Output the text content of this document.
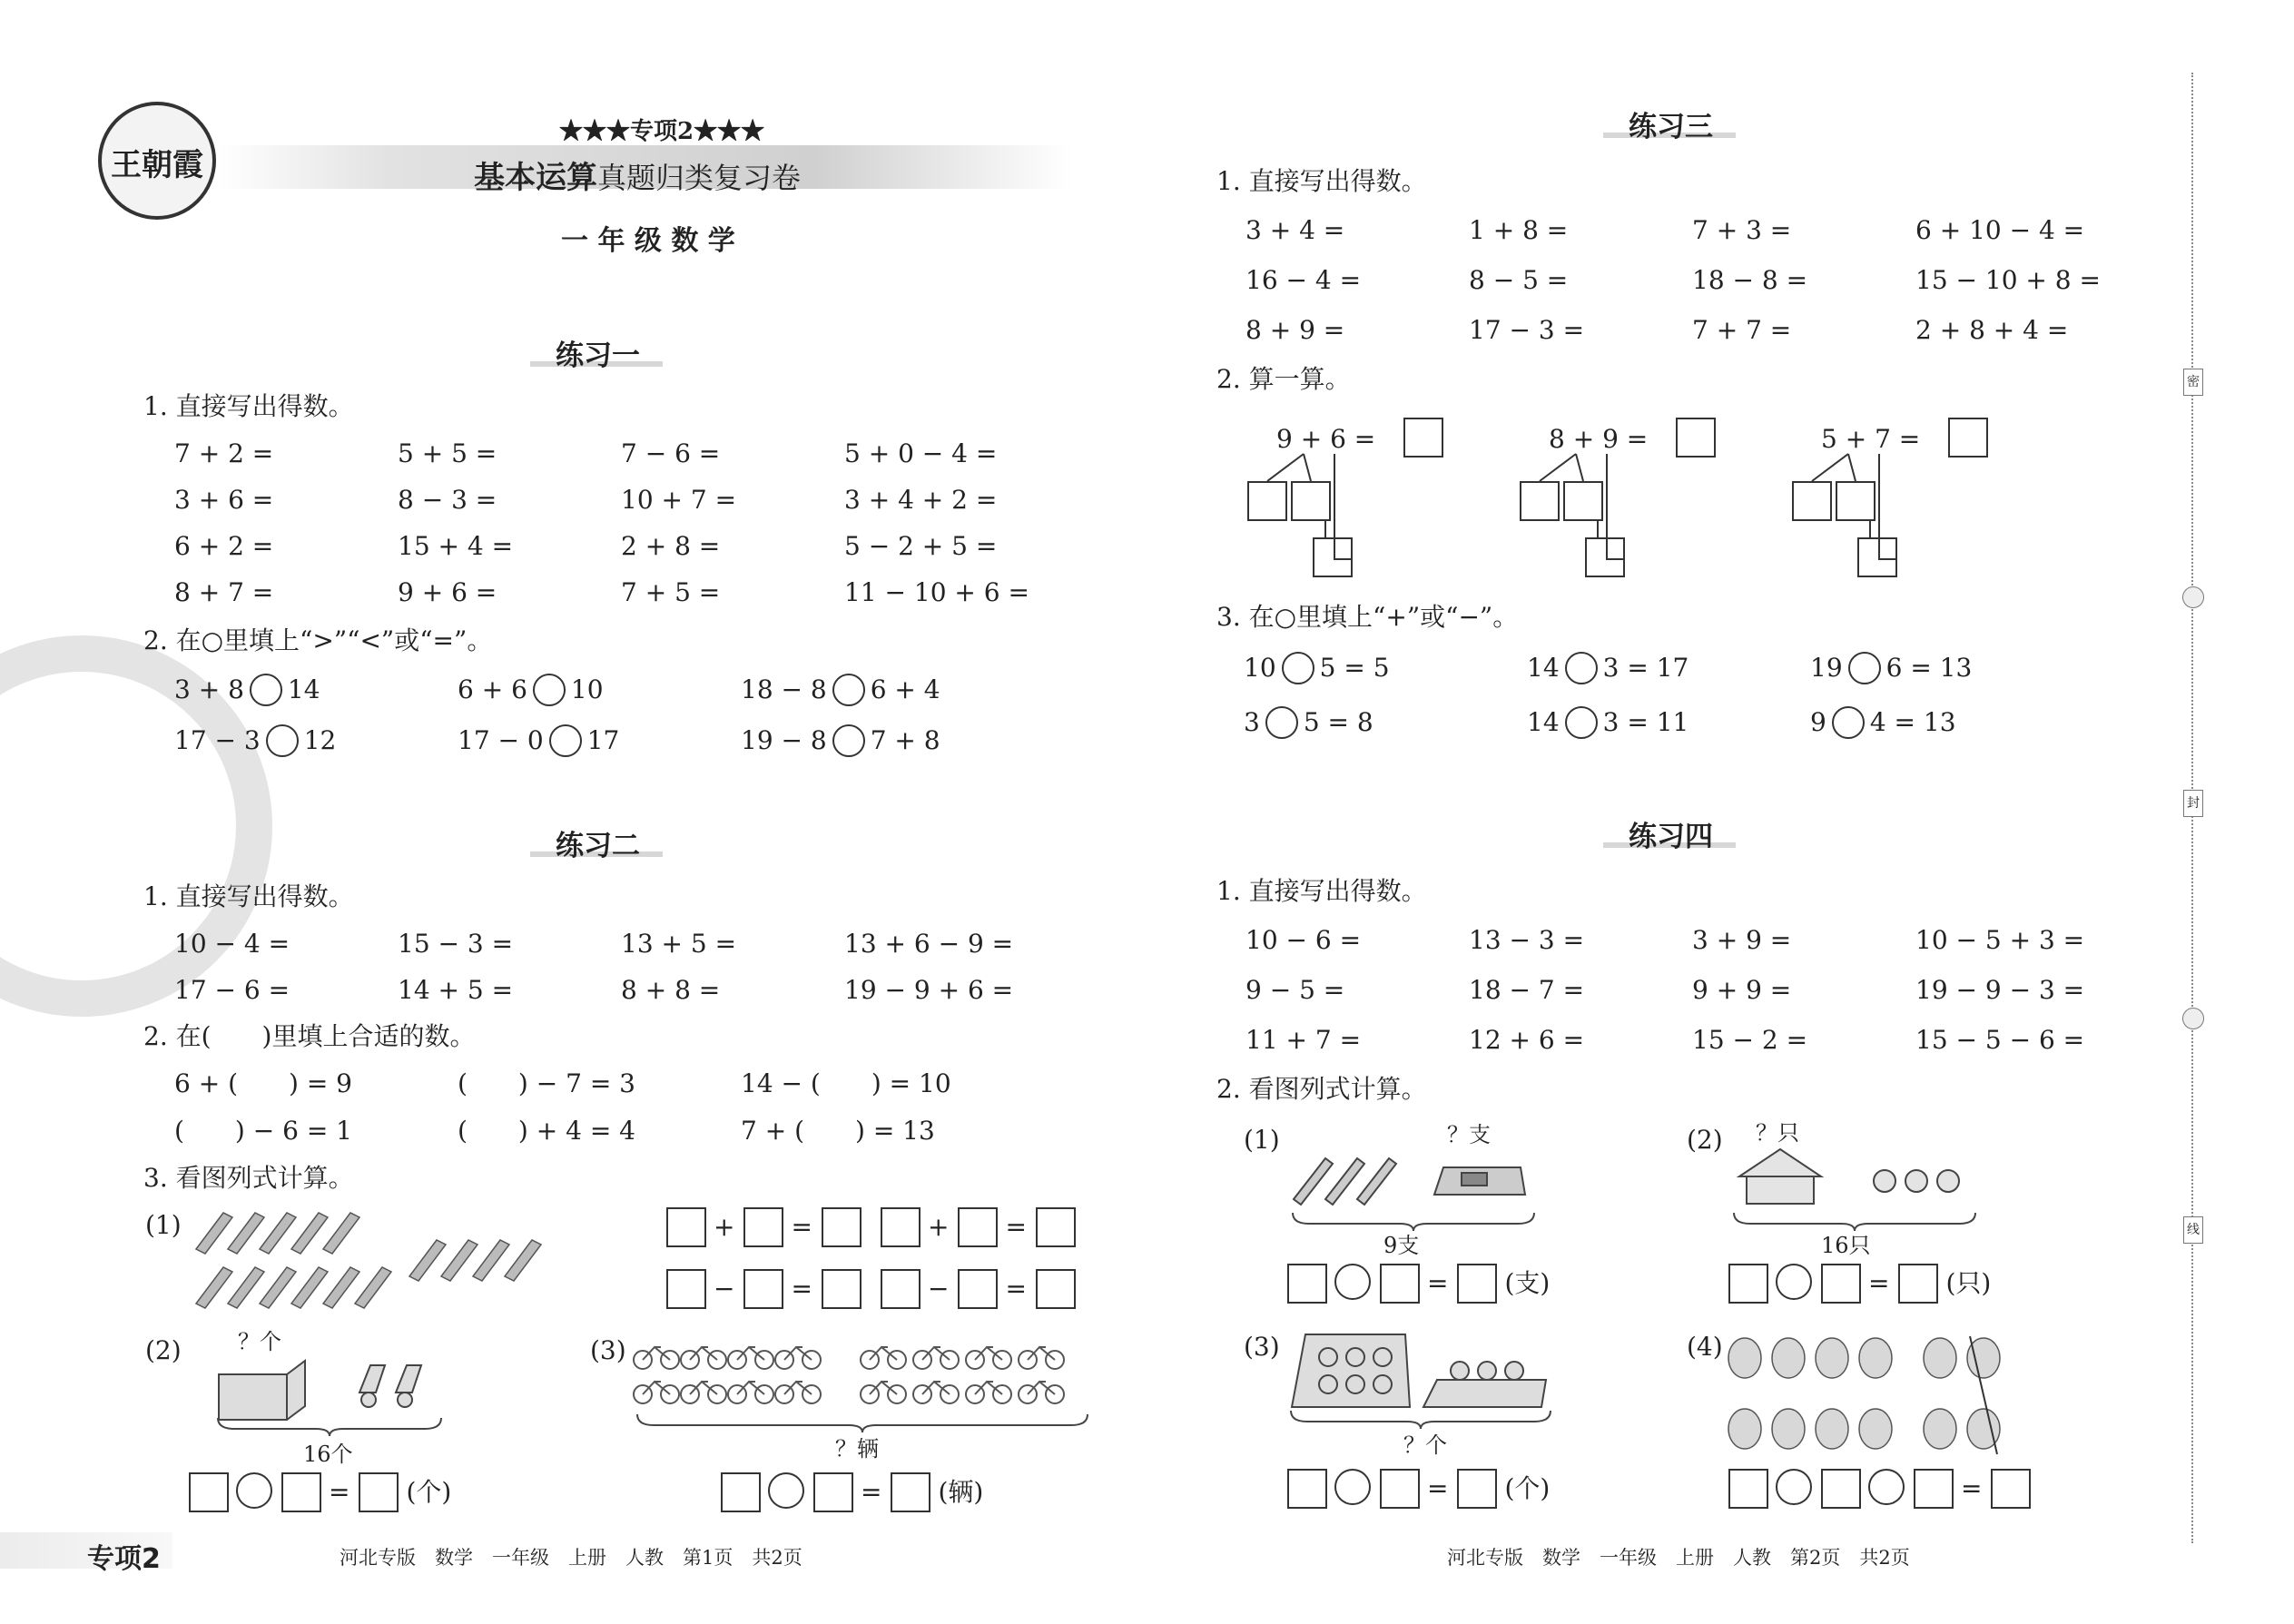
王朝霞
★★★专项2★★★
基本运算真题归类复习卷
一 年 级 数 学
练习一
1. 直接写出得数。
2. 在○里填上“>”“<”或“=”。
练习二
1. 直接写出得数。
2. 在(　　)里填上合适的数。
3. 看图列式计算。
(1)
(2)	？个
16个
(3)
？辆
专项2	河北专版　数学　一年级　上册　人教　第1页　共2页
练习三
1. 直接写出得数。
2. 算一算。
3. 在○里填上“+”或“−”。
练习四
1. 直接写出得数。
2. 看图列式计算。
(1)	？支
9支
(2) ？只
16只
(3)
？个
(4)
河北专版　数学　一年级　上册　人教　第2页　共2页
密
封
线
7 + 2 =	5 + 5 =	7 − 6 =	5 + 0 − 4 =
3 + 6 =	8 − 3 =	10 + 7 =	3 + 4 + 2 =
6 + 2 =	15 + 4 =	2 + 8 =	5 − 2 + 5 =
8 + 7 =	9 + 6 =	7 + 5 =	11 − 10 + 6 =
10 − 4 =	15 − 3 =	13 + 5 =	13 + 6 − 9 =
17 − 6 =	14 + 5 =	8 + 8 =	19 − 9 + 6 =
3 + 4 =	1 + 8 =	7 + 3 =	6 + 10 − 4 =
16 − 4 =	8 − 5 =	18 − 8 =	15 − 10 + 8 =
8 + 9 =	17 − 3 =	7 + 7 =	2 + 8 + 4 =
10 − 6 =	13 − 3 =	3 + 9 =	10 − 5 + 3 =
9 − 5 =	18 − 7 =	9 + 9 =	19 − 9 − 3 =
11 + 7 =	12 + 6 =	15 − 2 =	15 − 5 − 6 =
3 + 8 14	6 + 6 10	18 − 8 6 + 4
17 − 3 12	17 − 0 17	19 − 8 7 + 8
10 5 = 5	14 3 = 17	19 6 = 13
3 5 = 8	14 3 = 11	9 4 = 13
6 + (　　) = 9	(　　) − 7 = 3	14 − (　　) = 10
(　　) − 6 = 1	(　　) + 4 = 4	7 + (　　) = 13
+ =	+ =
− =	− =
= (个)	= (辆)
= (支)	= (只)
= (个)	=
9 + 6 =	8 + 9 =	5 + 7 =
